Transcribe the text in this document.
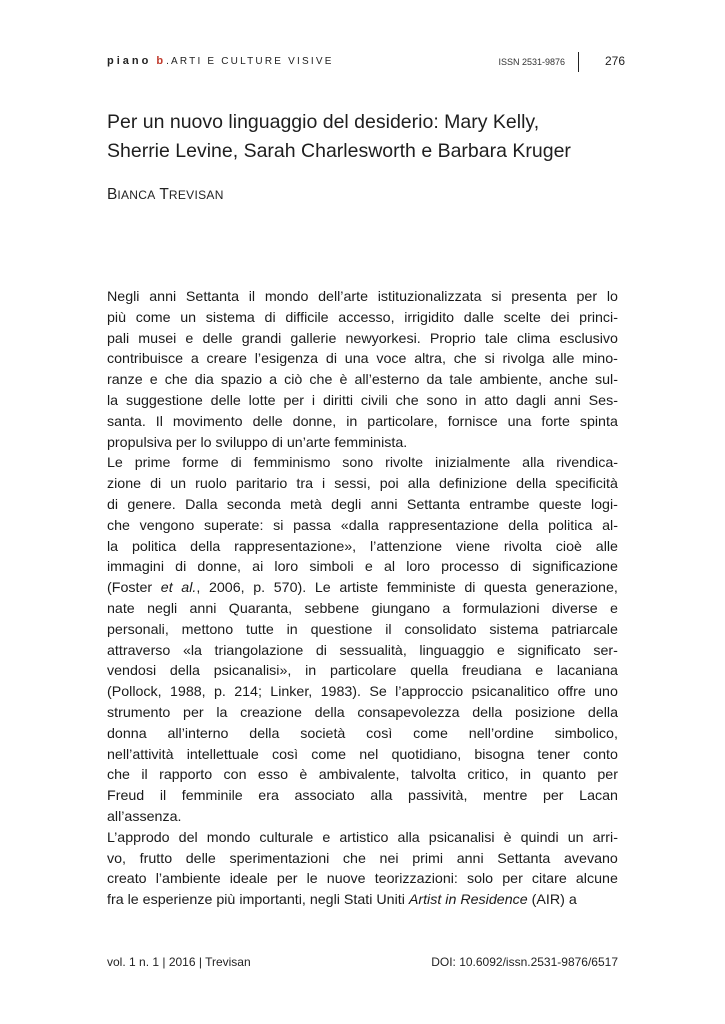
piano b.ARTI E CULTURE VISIVE	ISSN 2531-9876	276
Per un nuovo linguaggio del desiderio: Mary Kelly,
Sherrie Levine, Sarah Charlesworth e Barbara Kruger
BIANCA TREVISAN
Negli anni Settanta il mondo dell’arte istituzionalizzata si presenta per lo
più come un sistema di difficile accesso, irrigidito dalle scelte dei princi-
pali musei e delle grandi gallerie newyorkesi. Proprio tale clima esclusivo
contribuisce a creare l’esigenza di una voce altra, che si rivolga alle mino-
ranze e che dia spazio a ciò che è all’esterno da tale ambiente, anche sul-
la suggestione delle lotte per i diritti civili che sono in atto dagli anni Ses-
santa. Il movimento delle donne, in particolare, fornisce una forte spinta
propulsiva per lo sviluppo di un’arte femminista.
Le prime forme di femminismo sono rivolte inizialmente alla rivendica-
zione di un ruolo paritario tra i sessi, poi alla definizione della specificità
di genere. Dalla seconda metà degli anni Settanta entrambe queste logi-
che vengono superate: si passa «dalla rappresentazione della politica al-
la politica della rappresentazione», l’attenzione viene rivolta cioè alle
immagini di donne, ai loro simboli e al loro processo di significazione
(Foster et al., 2006, p. 570). Le artiste femministe di questa generazione,
nate negli anni Quaranta, sebbene giungano a formulazioni diverse e
personali, mettono tutte in questione il consolidato sistema patriarcale
attraverso «la triangolazione di sessualità, linguaggio e significato ser-
vendosi della psicanalisi», in particolare quella freudiana e lacaniana
(Pollock, 1988, p. 214; Linker, 1983). Se l’approccio psicanalitico offre uno
strumento per la creazione della consapevolezza della posizione della
donna all’interno della società così come nell’ordine simbolico,
nell’attività intellettuale così come nel quotidiano, bisogna tener conto
che il rapporto con esso è ambivalente, talvolta critico, in quanto per
Freud il femminile era associato alla passività, mentre per Lacan
all’assenza.
L’approdo del mondo culturale e artistico alla psicanalisi è quindi un arri-
vo, frutto delle sperimentazioni che nei primi anni Settanta avevano
creato l’ambiente ideale per le nuove teorizzazioni: solo per citare alcune
fra le esperienze più importanti, negli Stati Uniti Artist in Residence (AIR) a
vol. 1 n. 1 | 2016 | Trevisan	DOI: 10.6092/issn.2531-9876/6517
